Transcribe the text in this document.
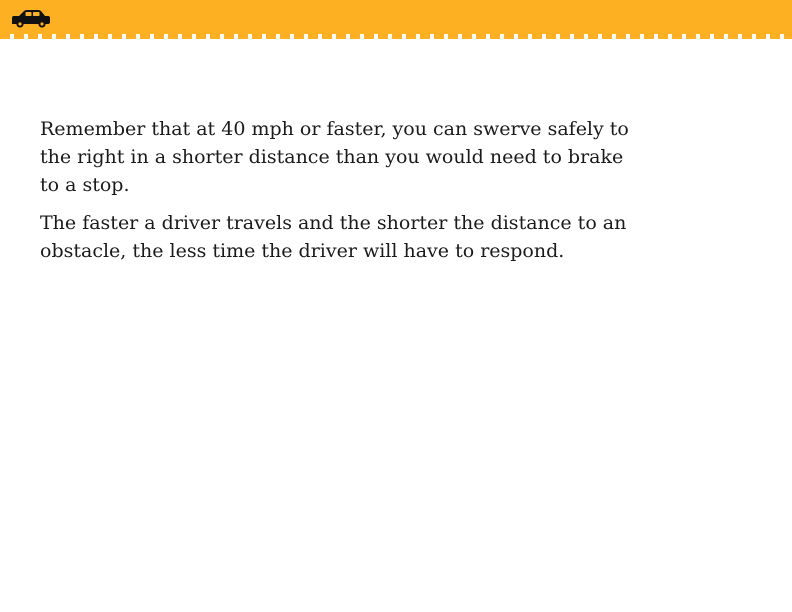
Remember that at 40 mph or faster, you can swerve safely to the right in a shorter distance than you would need to brake to a stop.

The faster a driver travels and the shorter the distance to an obstacle, the less time the driver will have to respond.
